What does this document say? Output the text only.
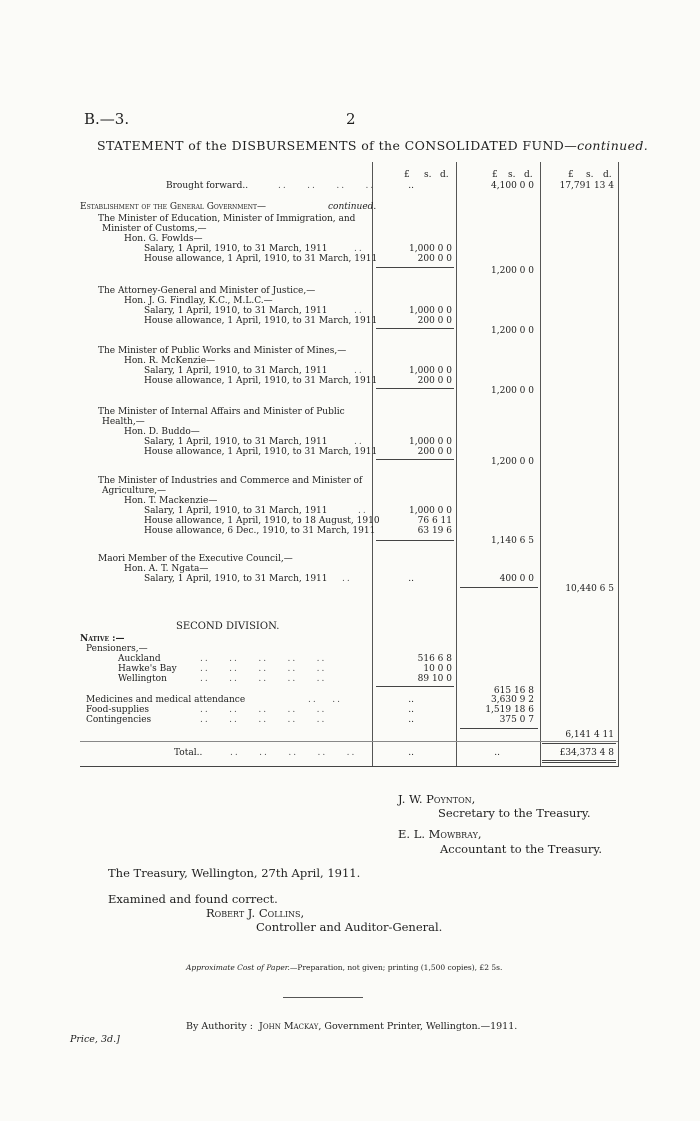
B.—3.	2
STATEMENT of the DISBURSEMENTS of the CONSOLIDATED FUND—continued.
£ s. d.	£ s. d.	£ s. d.
Brought forward..	..    ..    ..    ..	..	4,100 0 0	17,791 13 4
Establishment of the General Government—	continued.
The Minister of Education, Minister of Immigration, and
Minister of Customs,—
Hon. G. Fowlds—
Salary, 1 April, 1910, to 31 March, 1911	..	1,000 0 0
House allowance, 1 April, 1910, to 31 March, 1911	200 0 0
1,200 0 0
The Attorney-General and Minister of Justice,—
Hon. J. G. Findlay, K.C., M.L.C.—
Salary, 1 April, 1910, to 31 March, 1911	..	1,000 0 0
House allowance, 1 April, 1910, to 31 March, 1911	200 0 0
1,200 0 0
The Minister of Public Works and Minister of Mines,—
Hon. R. McKenzie—
Salary, 1 April, 1910, to 31 March, 1911	..	1,000 0 0
House allowance, 1 April, 1910, to 31 March, 1911	200 0 0
1,200 0 0
The Minister of Internal Affairs and Minister of Public
Health,—
Hon. D. Buddo—
Salary, 1 April, 1910, to 31 March, 1911	..	1,000 0 0
House allowance, 1 April, 1910, to 31 March, 1911	200 0 0
1,200 0 0
The Minister of Industries and Commerce and Minister of
Agriculture,—
Hon. T. Mackenzie—
Salary, 1 April, 1910, to 31 March, 1911	..	1,000 0 0
House allowance, 1 April, 1910, to 18 August, 1910	76 6 11
House allowance, 6 Dec., 1910, to 31 March, 1911	63 19 6
1,140 6 5
Maori Member of the Executive Council,—
Hon. A. T. Ngata—
Salary, 1 April, 1910, to 31 March, 1911 ..	..	400 0 0
10,440 6 5
SECOND DIVISION.
Native :—
Pensioners,—
Auckland	..    ..    ..    ..    ..	516 6 8
Hawke's Bay	..    ..    ..    ..    ..	10 0 0
Wellington	..    ..    ..    ..    ..	89 10 0
615 16 8
Medicines and medical attendance	..   ..	..	3,630 9 2
Food-supplies	..    ..    ..    ..    ..	..	1,519 18 6
Contingencies	..    ..    ..    ..    ..	..	375 0 7
6,141 4 11
Total..	..    ..    ..    ..    ..	..	..	£34,373 4 8
J. W. Poynton,
Secretary to the Treasury.
E. L. Mowbray,
Accountant to the Treasury.
The Treasury, Wellington, 27th April, 1911.
Examined and found correct.
Robert J. Collins,
Controller and Auditor-General.
Approximate Cost of Paper.—Preparation, not given; printing (1,500 copies), £2 5s.
By Authority : John Mackay, Government Printer, Wellington.—1911.
Price, 3d.]
